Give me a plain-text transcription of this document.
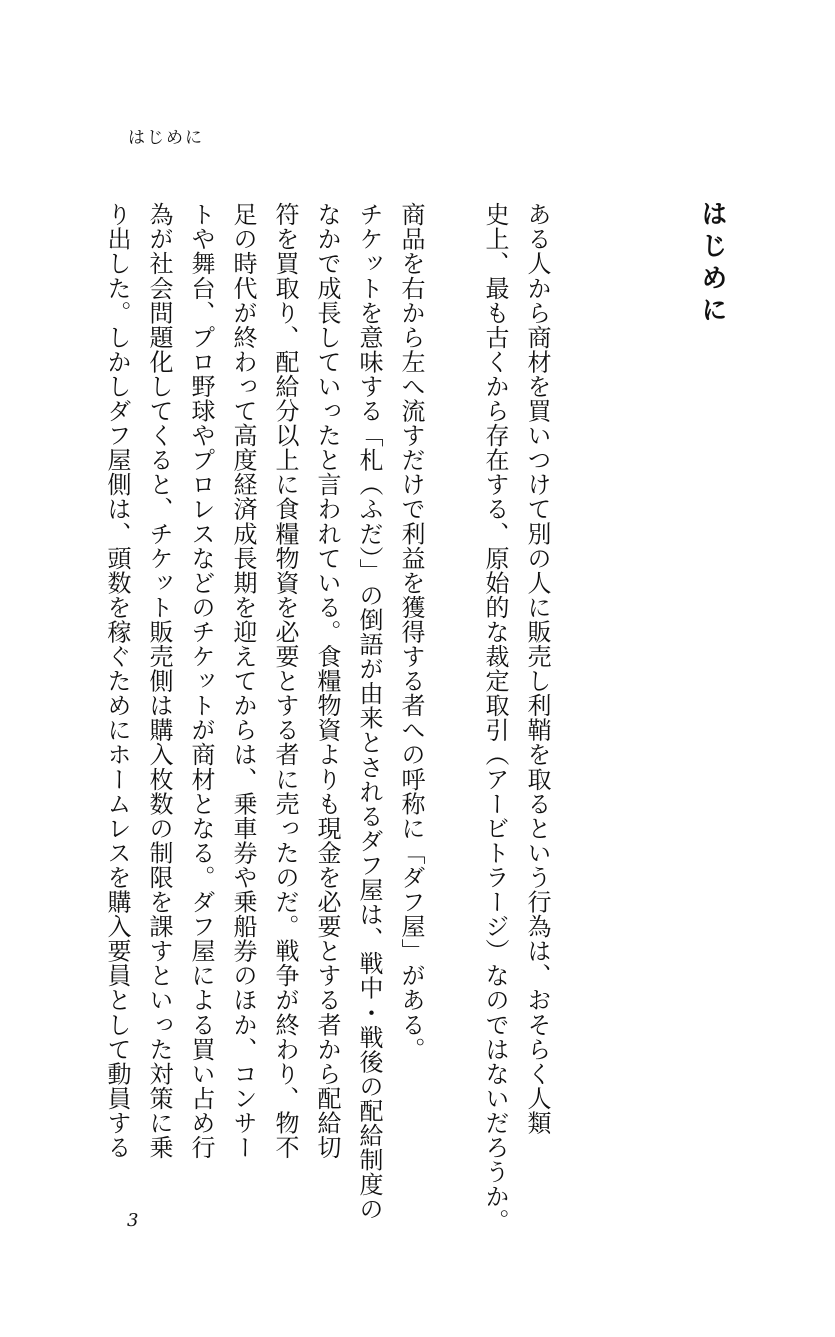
はじめに
はじめに
ある人から商材を買いつけて別の人に販売し利鞘を取るという行為は、おそらく人類
史上、最も古くから存在する、原始的な裁定取引（アービトラージ）なのではないだろうか。
商品を右から左へ流すだけで利益を獲得する者への呼称に「ダフ屋」がある。
チケットを意味する「札（ふだ）」の倒語が由来とされるダフ屋は、戦中・戦後の配給制度の
なかで成長していったと言われている。食糧物資よりも現金を必要とする者から配給切
符を買取り、配給分以上に食糧物資を必要とする者に売ったのだ。戦争が終わり、物不
足の時代が終わって高度経済成長期を迎えてからは、乗車券や乗船券のほか、コンサー
トや舞台、プロ野球やプロレスなどのチケットが商材となる。ダフ屋による買い占め行
為が社会問題化してくると、チケット販売側は購入枚数の制限を課すといった対策に乗
り出した。しかしダフ屋側は、頭数を稼ぐためにホームレスを購入要員として動員する
3
